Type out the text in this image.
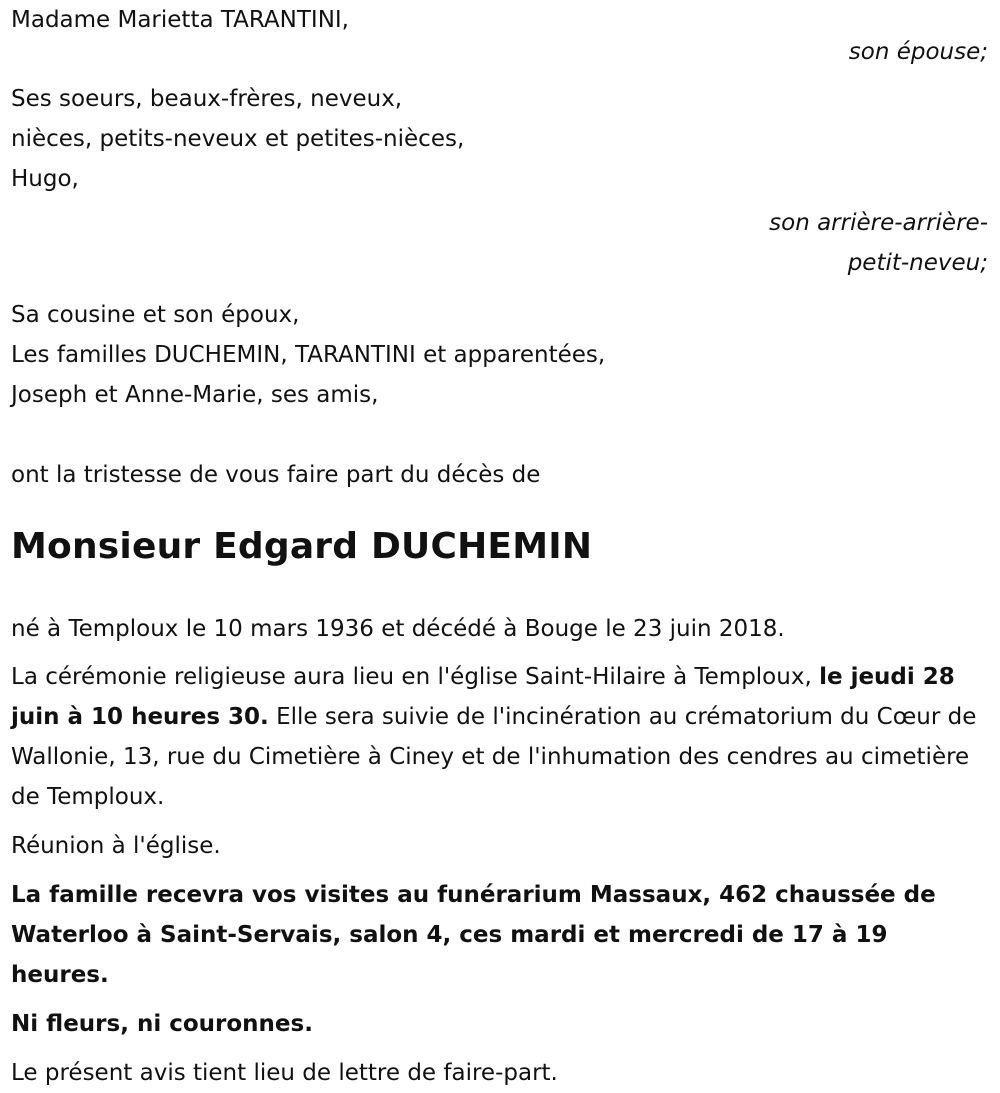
Madame Marietta TARANTINI,
son épouse;
Ses soeurs, beaux-frères, neveux,
nièces, petits-neveux et petites-nièces,
Hugo,
son arrière-arrière-
petit-neveu;
Sa cousine et son époux,
Les familles DUCHEMIN, TARANTINI et apparentées,
Joseph et Anne-Marie, ses amis,
ont la tristesse de vous faire part du décès de
Monsieur Edgard DUCHEMIN
né à Temploux le 10 mars 1936 et décédé à Bouge le 23 juin 2018.
La cérémonie religieuse aura lieu en l'église Saint-Hilaire à Temploux, le jeudi 28 juin à 10 heures 30. Elle sera suivie de l'incinération au crématorium du Cœur de Wallonie, 13, rue du Cimetière à Ciney et de l'inhumation des cendres au cimetière de Temploux.
Réunion à l'église.
La famille recevra vos visites au funérarium Massaux, 462 chaussée de Waterloo à Saint-Servais, salon 4, ces mardi et mercredi de 17 à 19 heures.
Ni fleurs, ni couronnes.
Le présent avis tient lieu de lettre de faire-part.
